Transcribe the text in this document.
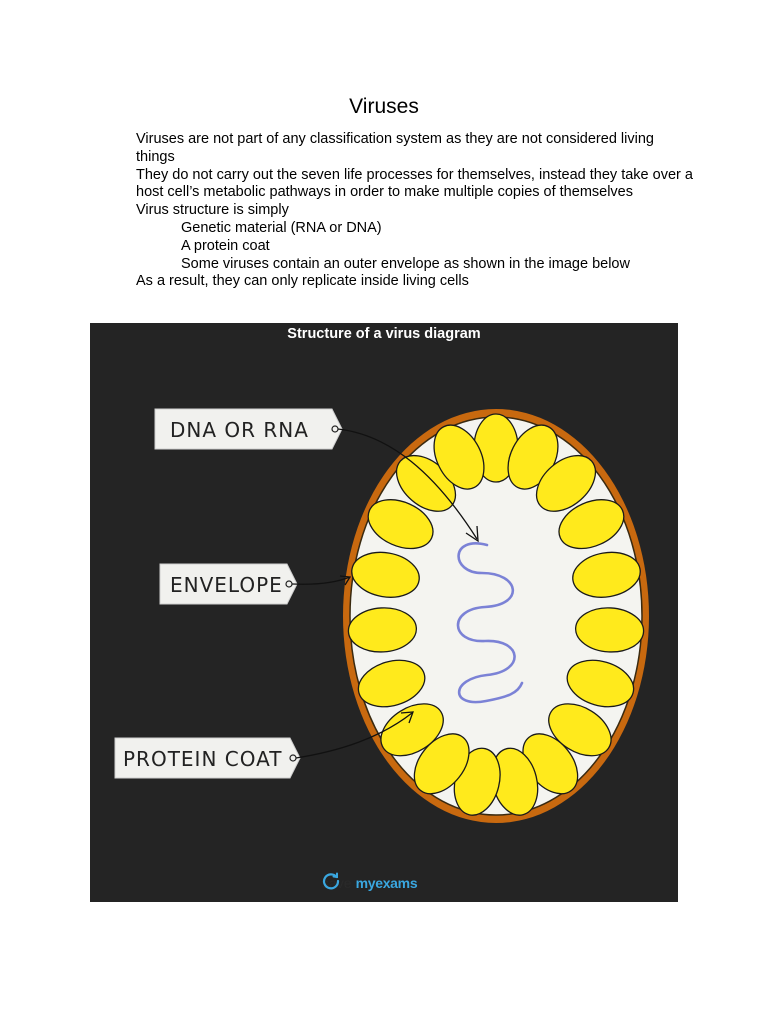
Viruses

Viruses are not part of any classification system as they are not considered living things

They do not carry out the seven life processes for themselves, instead they take over a host cell’s metabolic pathways in order to make multiple copies of themselves

Virus structure is simply

Genetic material (RNA or DNA)

A protein coat

Some viruses contain an outer envelope as shown in the image below

As a result, they can only replicate inside living cells

Structure of a virus diagram
DNA OR RNA
ENVELOPE
PROTEIN COAT
save myexams
